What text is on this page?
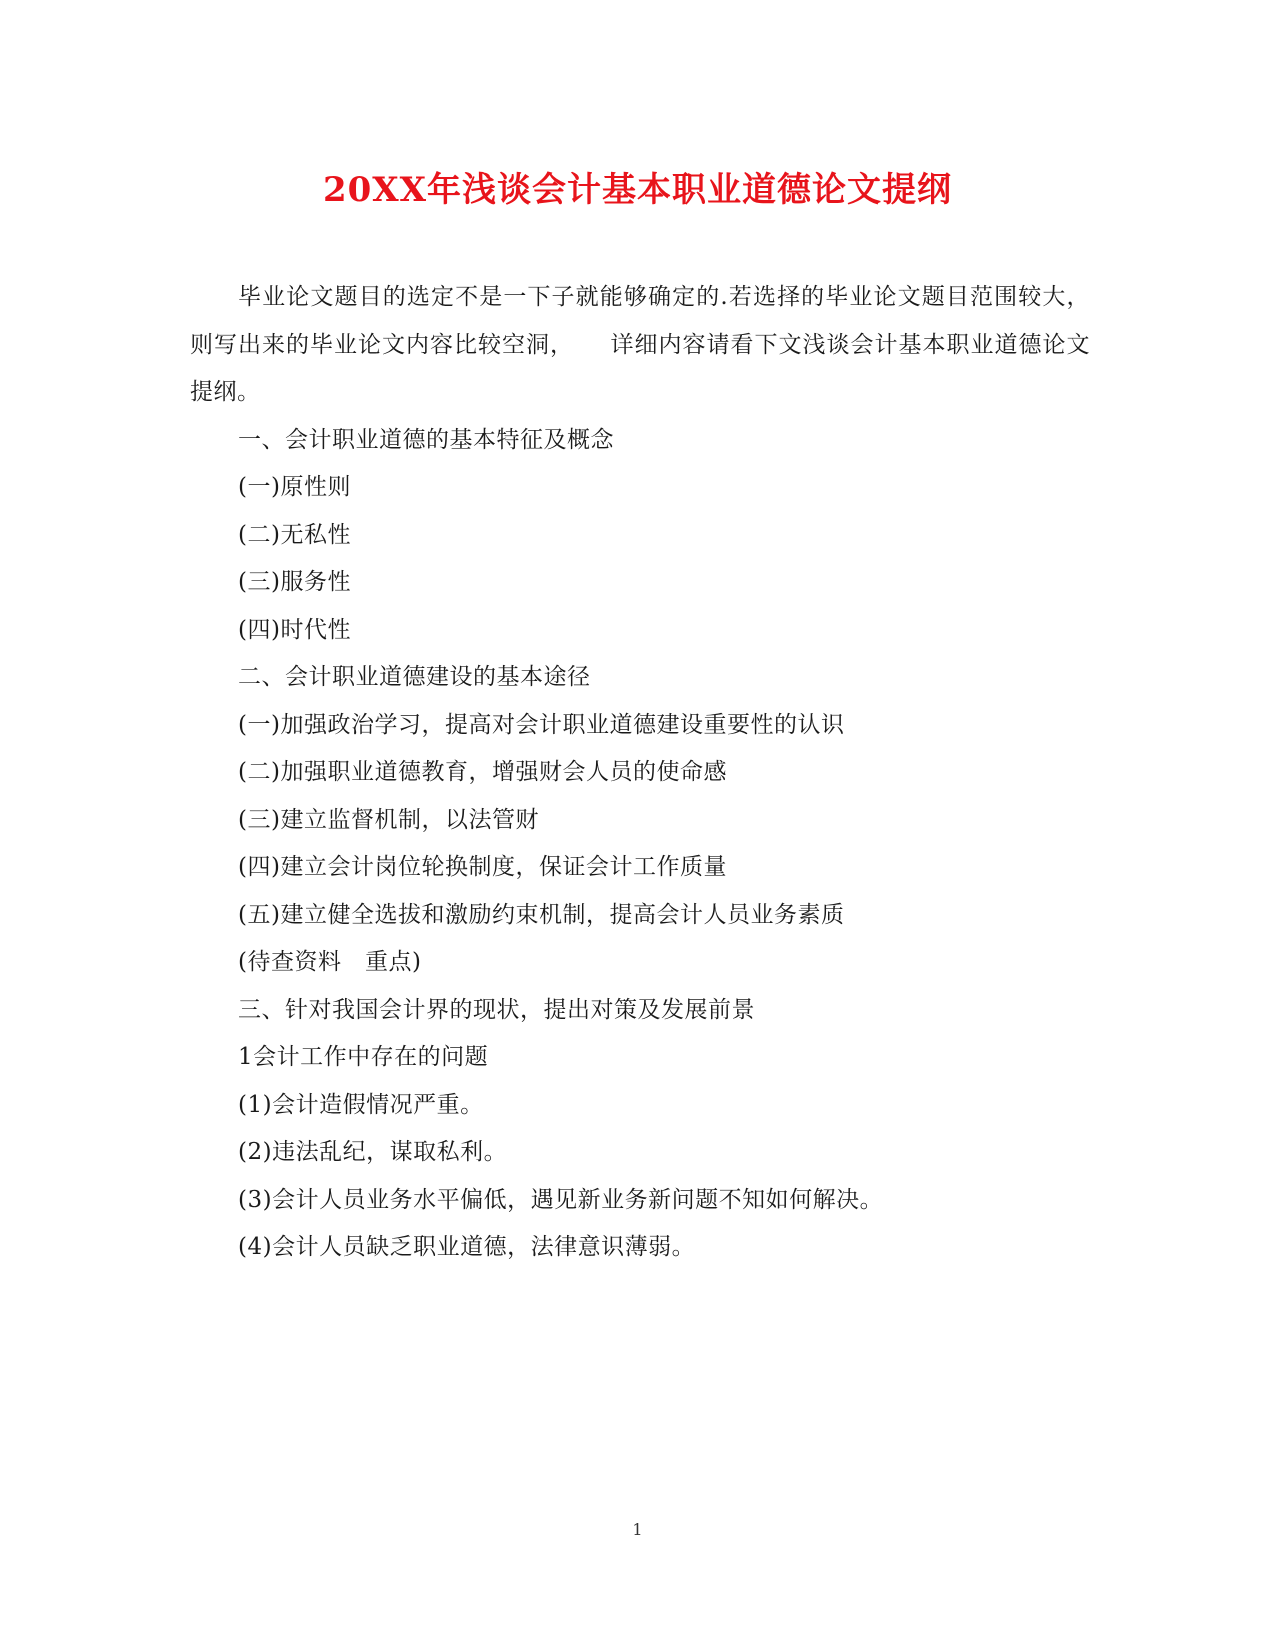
20XX年浅谈会计基本职业道德论文提纲

毕业论文题目的选定不是一下子就能够确定的.若选择的毕业论文题目范围较大，则写出来的毕业论文内容比较空洞，　　详细内容请看下文浅谈会计基本职业道德论文提纲。

一、会计职业道德的基本特征及概念

(一)原性则

(二)无私性

(三)服务性

(四)时代性

二、会计职业道德建设的基本途径

(一)加强政治学习，提高对会计职业道德建设重要性的认识

(二)加强职业道德教育，增强财会人员的使命感

(三)建立监督机制，以法管财

(四)建立会计岗位轮换制度，保证会计工作质量

(五)建立健全选拔和激励约束机制，提高会计人员业务素质

(待查资料　重点)

三、针对我国会计界的现状，提出对策及发展前景

1会计工作中存在的问题

(1)会计造假情况严重。

(2)违法乱纪，谋取私利。

(3)会计人员业务水平偏低，遇见新业务新问题不知如何解决。

(4)会计人员缺乏职业道德，法律意识薄弱。

1
